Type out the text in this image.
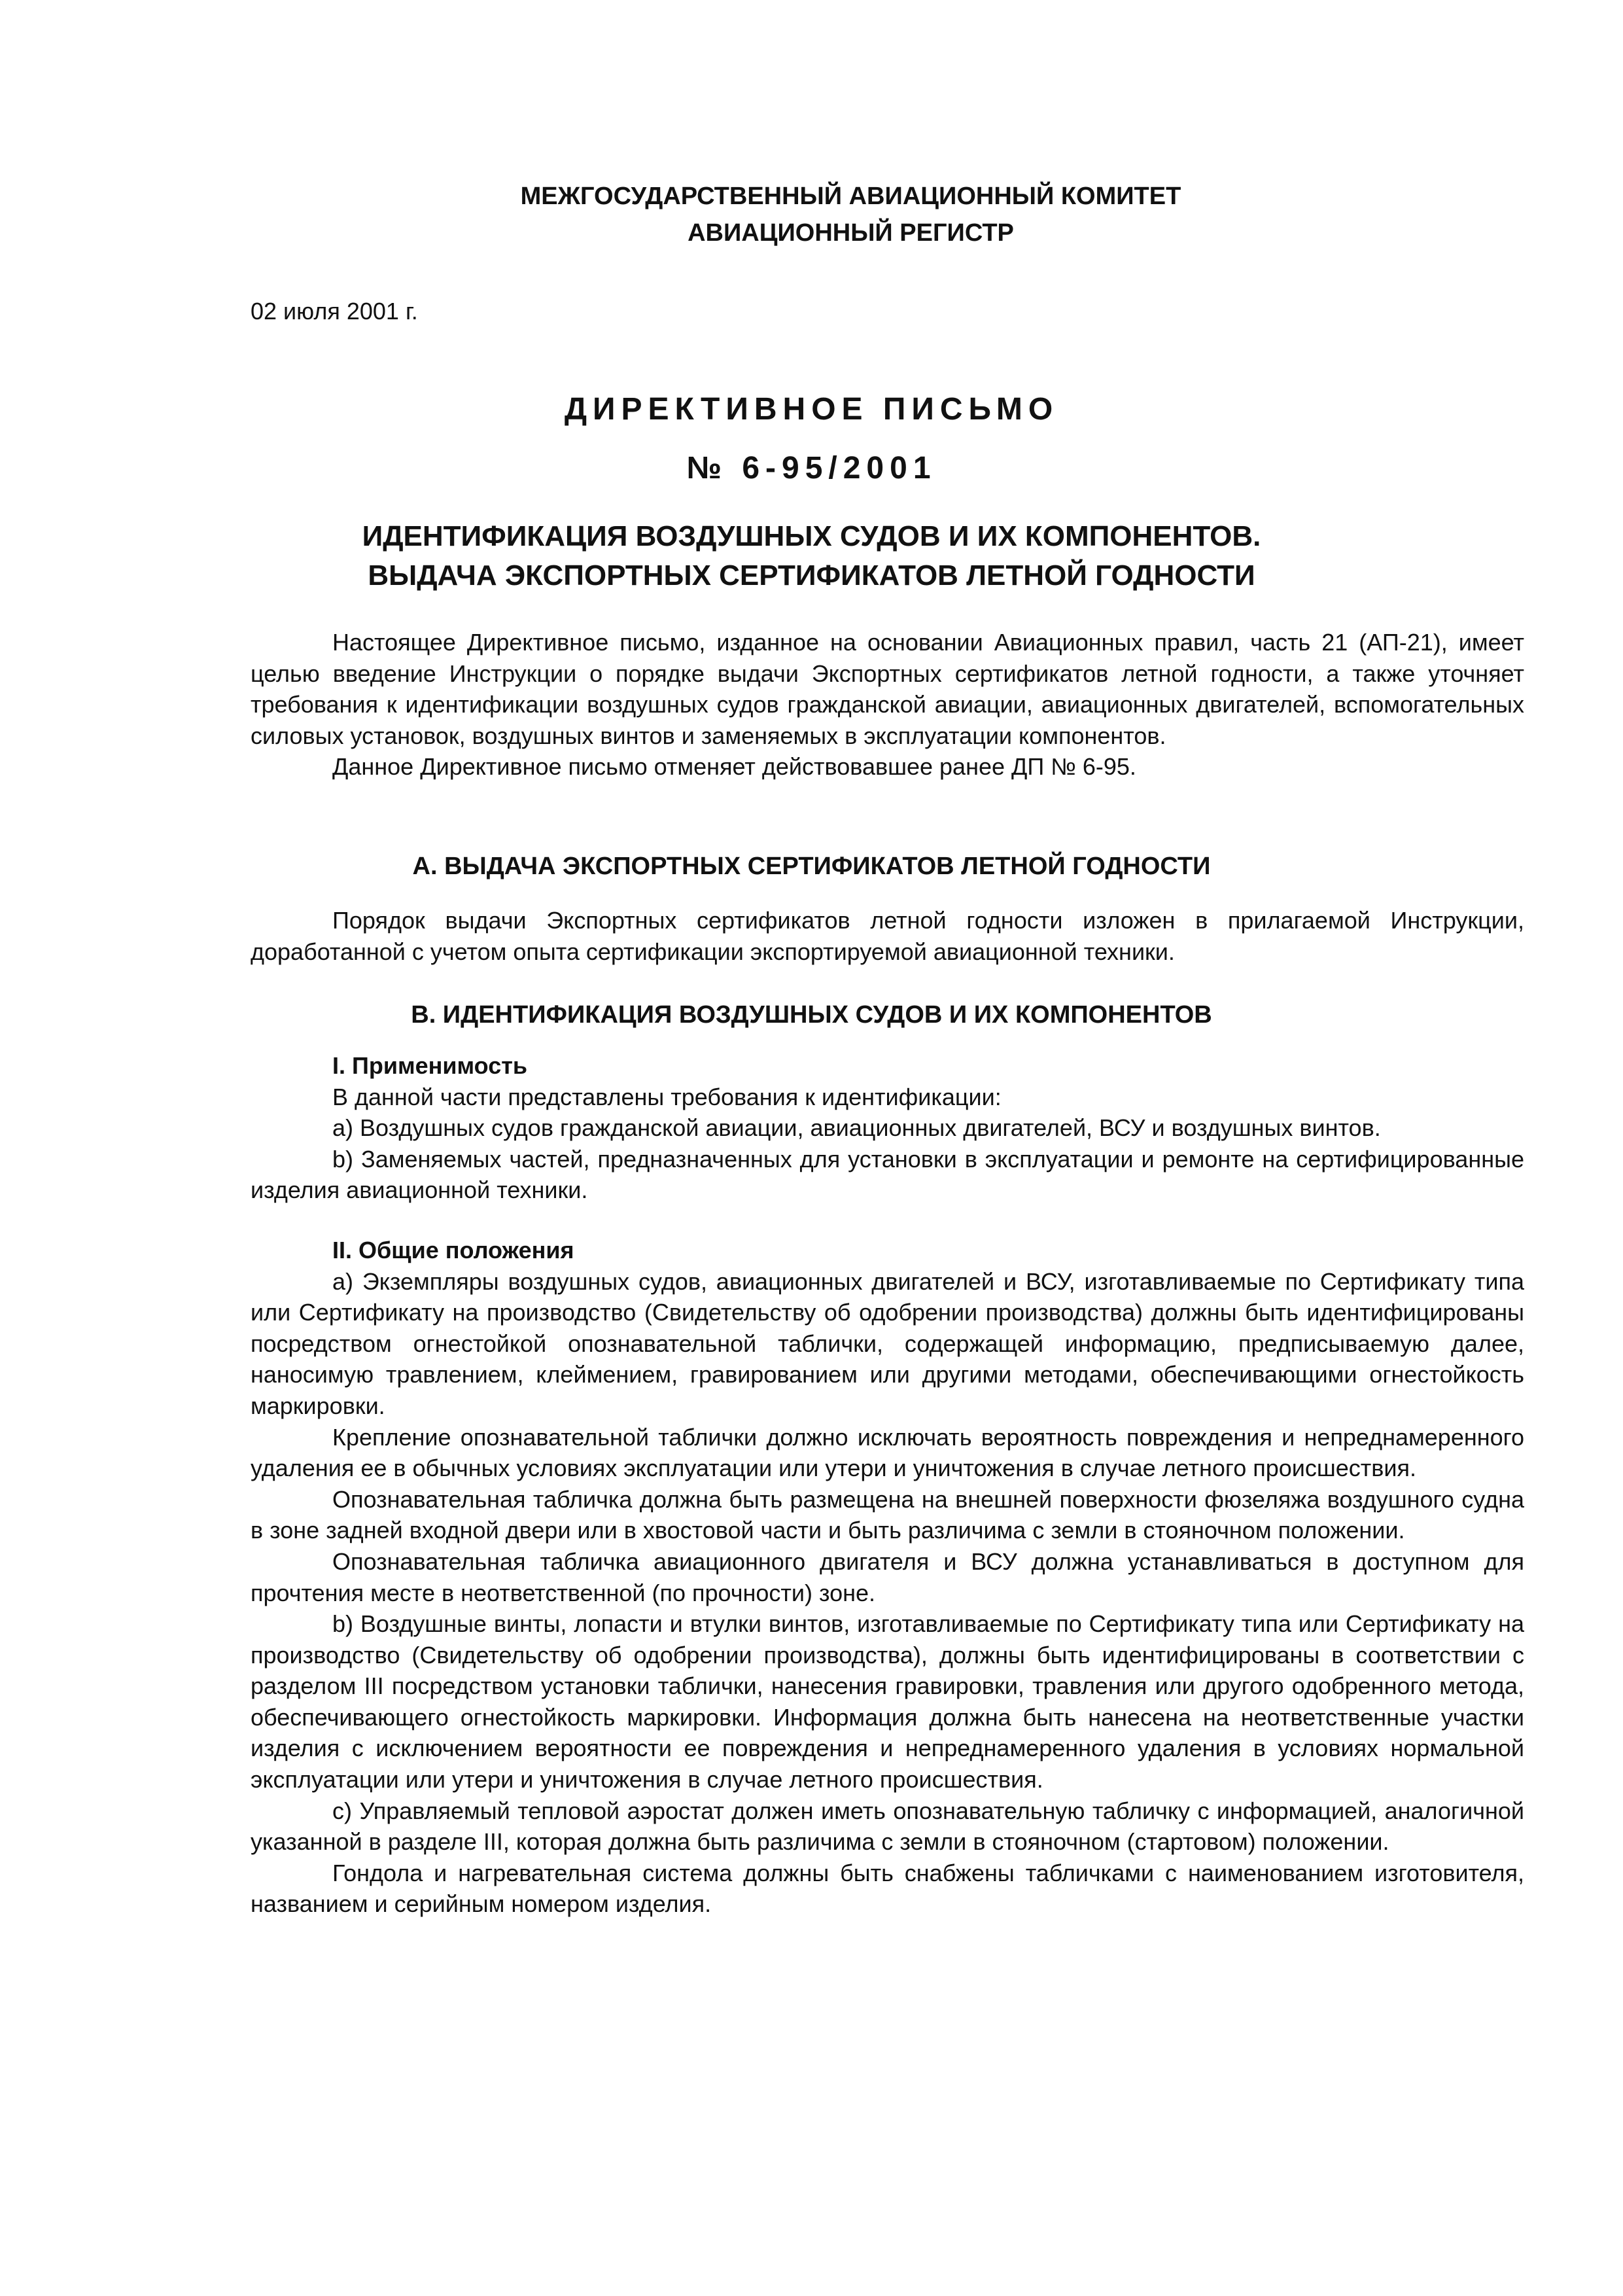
МЕЖГОСУДАРСТВЕННЫЙ АВИАЦИОННЫЙ КОМИТЕТ
АВИАЦИОННЫЙ РЕГИСТР
02 июля 2001 г.
ДИРЕКТИВНОЕ ПИСЬМО
№ 6-95/2001
ИДЕНТИФИКАЦИЯ ВОЗДУШНЫХ СУДОВ И ИХ КОМПОНЕНТОВ.
ВЫДАЧА ЭКСПОРТНЫХ СЕРТИФИКАТОВ ЛЕТНОЙ ГОДНОСТИ

Настоящее Директивное письмо, изданное на основании Авиационных правил, часть 21 (АП-21), имеет целью введение Инструкции о порядке выдачи Экспортных сертификатов летной годности, а также уточняет требования к идентификации воздушных судов гражданской авиации, авиационных двигателей, вспомогательных силовых установок, воздушных винтов и заменяемых в эксплуатации компонентов.

Данное Директивное письмо отменяет действовавшее ранее ДП № 6-95.

А. ВЫДАЧА ЭКСПОРТНЫХ СЕРТИФИКАТОВ ЛЕТНОЙ ГОДНОСТИ

Порядок выдачи Экспортных сертификатов летной годности изложен в прилагаемой Инструкции, доработанной с учетом опыта сертификации экспортируемой авиационной техники.

В. ИДЕНТИФИКАЦИЯ ВОЗДУШНЫХ СУДОВ И ИХ КОМПОНЕНТОВ

I. Применимость

В данной части представлены требования к идентификации:

a) Воздушных судов гражданской авиации, авиационных двигателей, ВСУ и воздушных винтов.

b) Заменяемых частей, предназначенных для установки в эксплуатации и ремонте на сертифицированные изделия авиационной техники.

II. Общие положения

а) Экземпляры воздушных судов, авиационных двигателей и ВСУ, изготавливаемые по Сертификату типа или Сертификату на производство (Свидетельству об одобрении производства) должны быть идентифицированы посредством огнестойкой опознавательной таблички, содержащей информацию, предписываемую далее, наносимую травлением, клеймением, гравированием или другими методами, обеспечивающими огнестойкость маркировки.

Крепление опознавательной таблички должно исключать вероятность повреждения и непреднамеренного удаления ее в обычных условиях эксплуатации или утери и уничтожения в случае летного происшествия.

Опознавательная табличка должна быть размещена на внешней поверхности фюзеляжа воздушного судна в зоне задней входной двери или в хвостовой части и быть различима с земли в стояночном положении.

Опознавательная табличка авиационного двигателя и ВСУ должна устанавливаться в доступном для прочтения месте в неответственной (по прочности) зоне.

b) Воздушные винты, лопасти и втулки винтов, изготавливаемые по Сертификату типа или Сертификату на производство (Свидетельству об одобрении производства), должны быть идентифицированы в соответствии с разделом III посредством установки таблички, нанесения гравировки, травления или другого одобренного метода, обеспечивающего огнестойкость маркировки. Информация должна быть нанесена на неответственные участки изделия с исключением вероятности ее повреждения и непреднамеренного удаления в условиях нормальной эксплуатации или утери и уничтожения в случае летного происшествия.

c) Управляемый тепловой аэростат должен иметь опознавательную табличку с информацией, аналогичной указанной в разделе III, которая должна быть различима с земли в стояночном (стартовом) положении.

Гондола и нагревательная система должны быть снабжены табличками с наименованием изготовителя, названием и серийным номером изделия.
